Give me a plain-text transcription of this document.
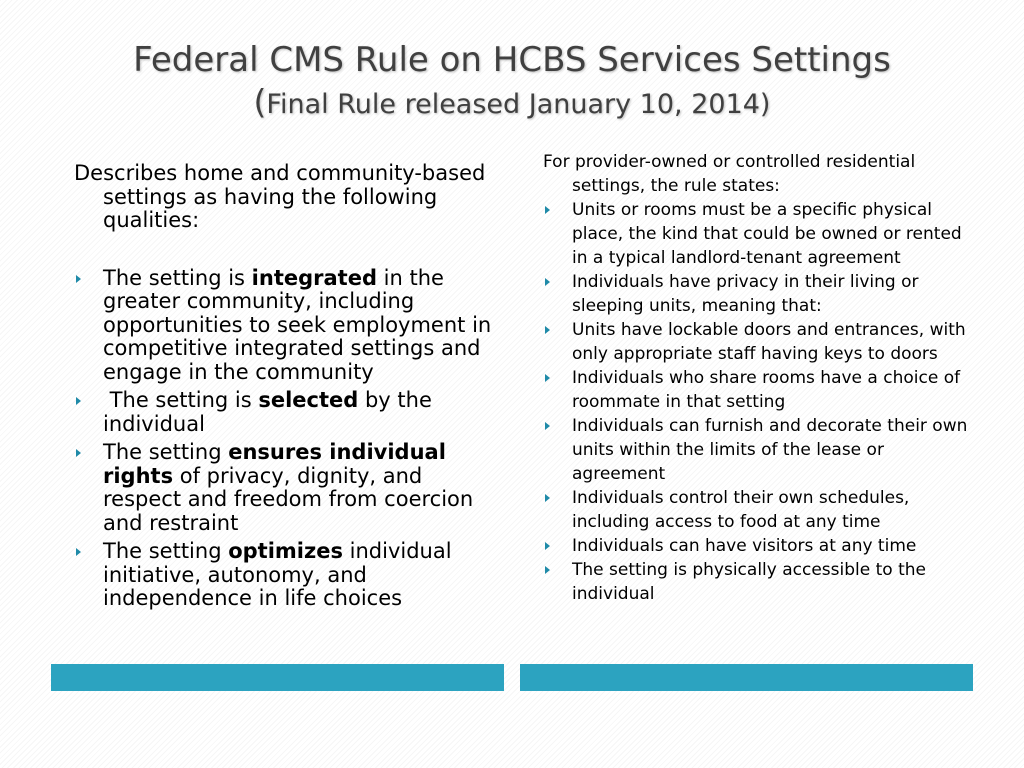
Federal CMS Rule on HCBS Services Settings
(Final Rule released January 10, 2014)

Describes home and community-based settings as having the following qualities:

The setting is integrated in the greater community, including opportunities to seek employment in competitive integrated settings and engage in the community
The setting is selected by the individual
The setting ensures individual rights of privacy, dignity, and respect and freedom from coercion and restraint
The setting optimizes individual initiative, autonomy, and independence in life choices

For provider-owned or controlled residential settings, the rule states:

Units or rooms must be a specific physical place, the kind that could be owned or rented in a typical landlord-tenant agreement
Individuals have privacy in their living or sleeping units, meaning that:
Units have lockable doors and entrances, with only appropriate staff having keys to doors
Individuals who share rooms have a choice of roommate in that setting
Individuals can furnish and decorate their own units within the limits of the lease or agreement
Individuals control their own schedules, including access to food at any time
Individuals can have visitors at any time
The setting is physically accessible to the individual
